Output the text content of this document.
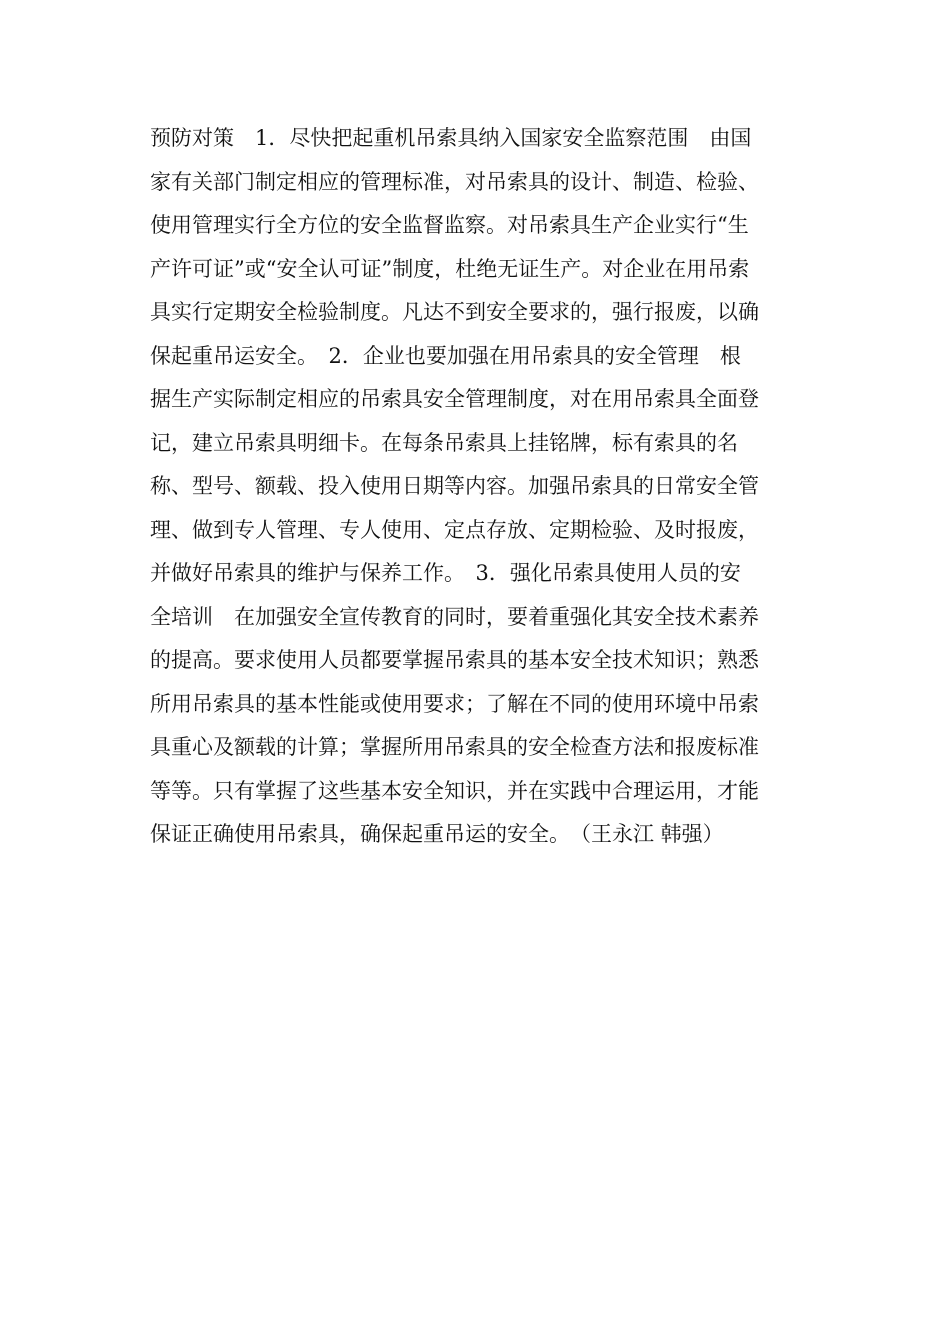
预防对策　1．尽快把起重机吊索具纳入国家安全监察范围　由国
家有关部门制定相应的管理标准，对吊索具的设计、制造、检验、
使用管理实行全方位的安全监督监察。对吊索具生产企业实行“生
产许可证”或“安全认可证”制度，杜绝无证生产。对企业在用吊索
具实行定期安全检验制度。凡达不到安全要求的，强行报废，以确
保起重吊运安全。　2．企业也要加强在用吊索具的安全管理　根
据生产实际制定相应的吊索具安全管理制度，对在用吊索具全面登
记，建立吊索具明细卡。在每条吊索具上挂铭牌，标有索具的名
称、型号、额载、投入使用日期等内容。加强吊索具的日常安全管
理、做到专人管理、专人使用、定点存放、定期检验、及时报废，
并做好吊索具的维护与保养工作。　3．强化吊索具使用人员的安
全培训　在加强安全宣传教育的同时，要着重强化其安全技术素养
的提高。要求使用人员都要掌握吊索具的基本安全技术知识；熟悉
所用吊索具的基本性能或使用要求；了解在不同的使用环境中吊索
具重心及额载的计算；掌握所用吊索具的安全检查方法和报废标准
等等。只有掌握了这些基本安全知识，并在实践中合理运用，才能
保证正确使用吊索具，确保起重吊运的安全。　（王永江 韩强）
